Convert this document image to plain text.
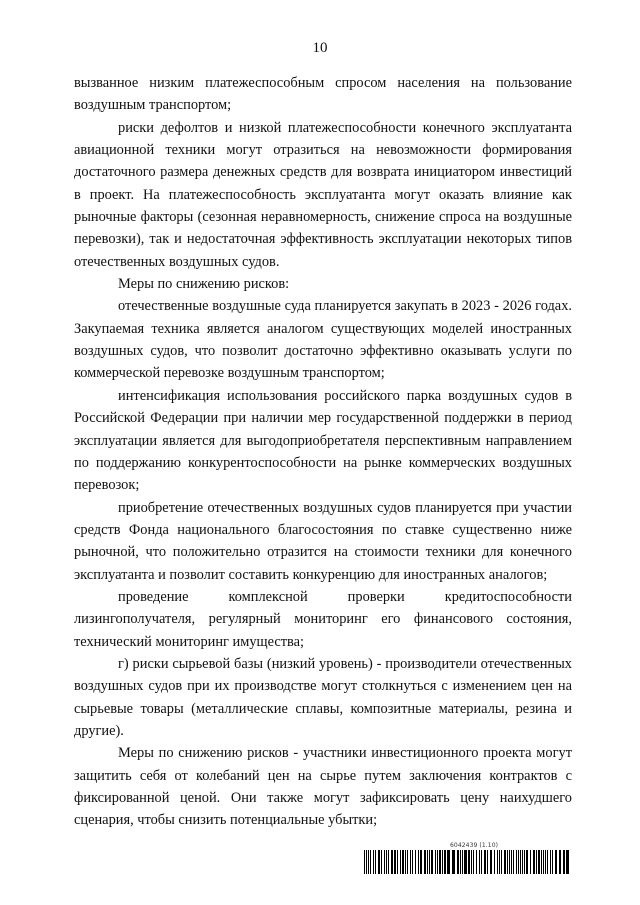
10

вызванное низким платежеспособным спросом населения на пользование воздушным транспортом;

риски дефолтов и низкой платежеспособности конечного эксплуатанта авиационной техники могут отразиться на невозможности формирования достаточного размера денежных средств для возврата инициатором инвестиций в проект. На платежеспособность эксплуатанта могут оказать влияние как рыночные факторы (сезонная неравномерность, снижение спроса на воздушные перевозки), так и недостаточная эффективность эксплуатации некоторых типов отечественных воздушных судов.

Меры по снижению рисков:

отечественные воздушные суда планируется закупать в 2023 - 2026 годах. Закупаемая техника является аналогом существующих моделей иностранных воздушных судов, что позволит достаточно эффективно оказывать услуги по коммерческой перевозке воздушным транспортом;

интенсификация использования российского парка воздушных судов в Российской Федерации при наличии мер государственной поддержки в период эксплуатации является для выгодоприобретателя перспективным направлением по поддержанию конкурентоспособности на рынке коммерческих воздушных перевозок;

приобретение отечественных воздушных судов планируется при участии средств Фонда национального благосостояния по ставке существенно ниже рыночной, что положительно отразится на стоимости техники для конечного эксплуатанта и позволит составить конкуренцию для иностранных аналогов;

проведение комплексной проверки кредитоспособности лизингополучателя, регулярный мониторинг его финансового состояния, технический мониторинг имущества;

г) риски сырьевой базы (низкий уровень) - производители отечественных воздушных судов при их производстве могут столкнуться с изменением цен на сырьевые товары (металлические сплавы, композитные материалы, резина и другие).

Меры по снижению рисков - участники инвестиционного проекта могут защитить себя от колебаний цен на сырье путем заключения контрактов с фиксированной ценой. Они также могут зафиксировать цену наихудшего сценария, чтобы снизить потенциальные убытки;

6042439 (1.10)
